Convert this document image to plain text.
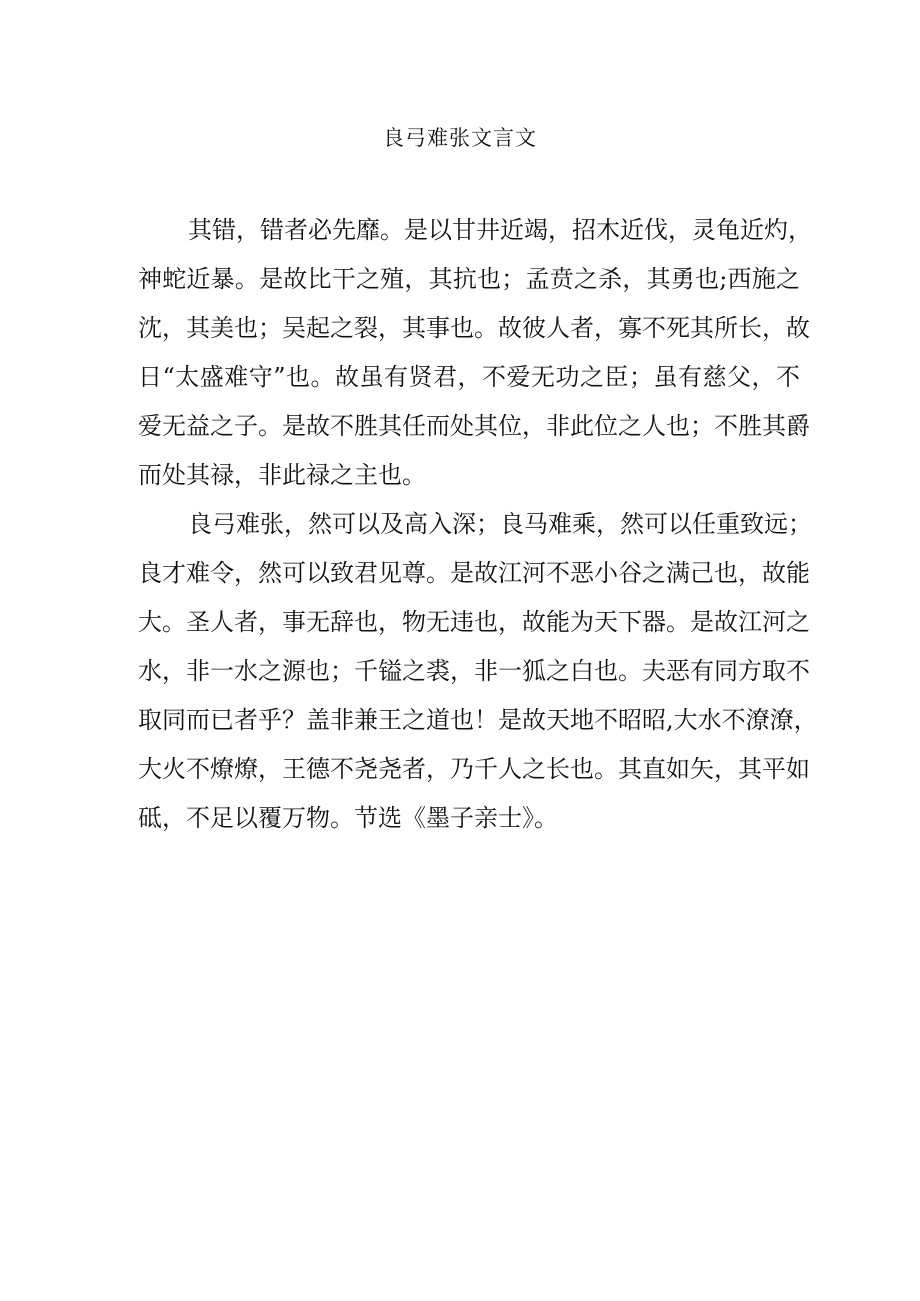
良弓难张文言文
其错，错者必先靡。是以甘井近竭，招木近伐，灵龟近灼，
神蛇近暴。是故比干之殖，其抗也；孟贲之杀，其勇也;西施之
沈，其美也；吴起之裂，其事也。故彼人者，寡不死其所长，故
日“太盛难守”也。故虽有贤君，不爱无功之臣；虽有慈父，不
爱无益之子。是故不胜其任而处其位，非此位之人也；不胜其爵
而处其禄，非此禄之主也。
良弓难张，然可以及高入深；良马难乘，然可以任重致远；
良才难令，然可以致君见尊。是故江河不恶小谷之满己也，故能
大。圣人者，事无辞也，物无违也，故能为天下器。是故江河之
水，非一水之源也；千镒之裘，非一狐之白也。夫恶有同方取不
取同而已者乎？盖非兼王之道也！是故天地不昭昭,大水不潦潦，
大火不燎燎，王德不尧尧者，乃千人之长也。其直如矢，其平如
砥，不足以覆万物。节选《墨子亲士》。
